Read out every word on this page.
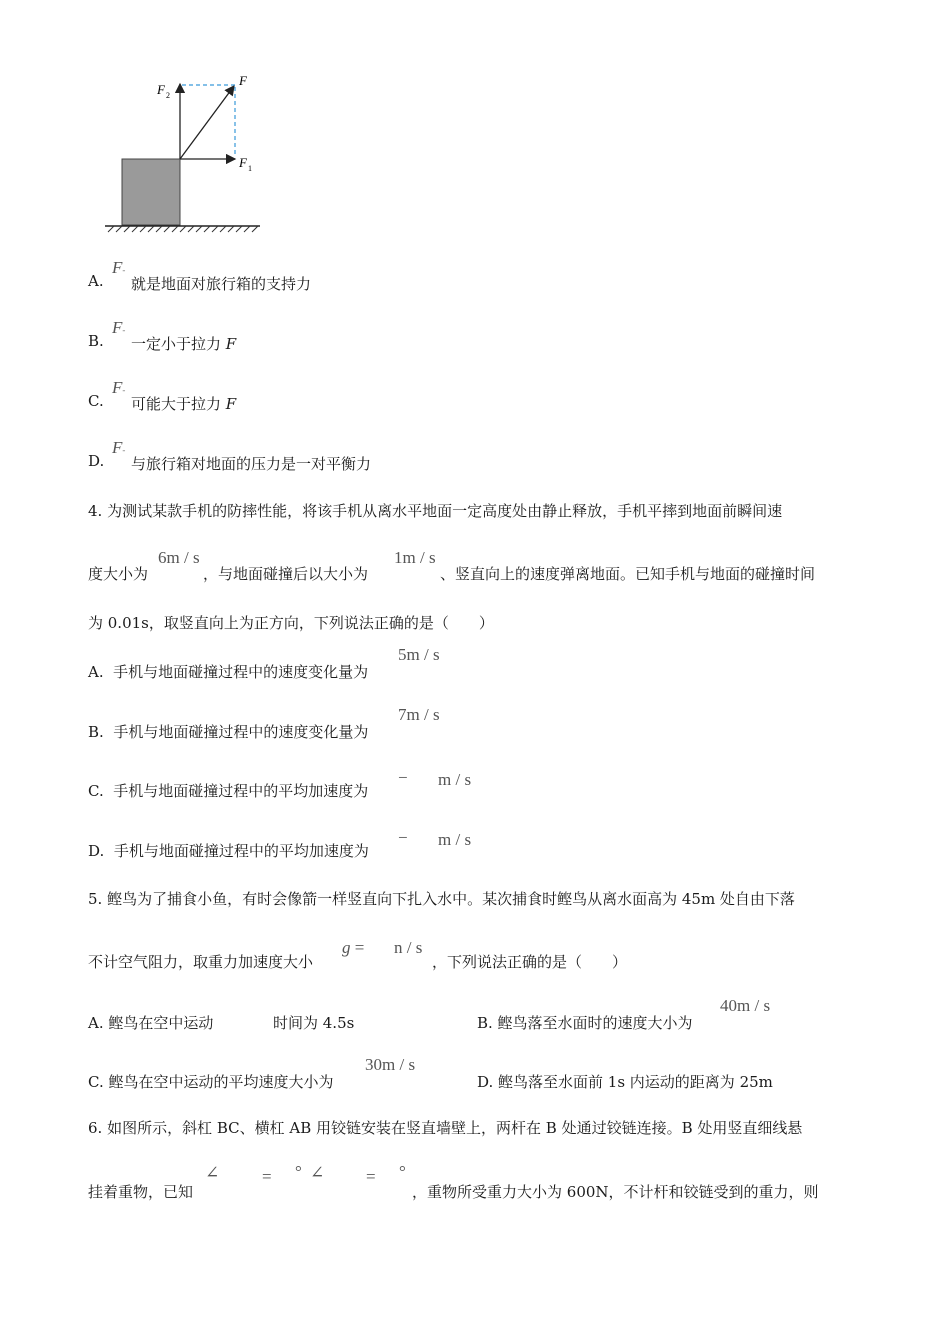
F 2
F
F 1
A.
F-
就是地面对旅行箱的支持力
B.
F-
一定小于拉力 F
C.
F-
可能大于拉力 F
D.
F-
与旅行箱对地面的压力是一对平衡力
4. 为测试某款手机的防摔性能，将该手机从离水平地面一定高度处由静止释放，手机平摔到地面前瞬间速
度大小为
6m / s
，与地面碰撞后以大小为
1m / s
、竖直向上的速度弹离地面。已知手机与地面的碰撞时间
为 0.01s，取竖直向上为正方向，下列说法正确的是（　　）
A. 手机与地面碰撞过程中的速度变化量为
5m / s
B. 手机与地面碰撞过程中的速度变化量为
7m / s
C. 手机与地面碰撞过程中的平均加速度为
− m / s
D. 手机与地面碰撞过程中的平均加速度为
− m / s
5. 鲣鸟为了捕食小鱼，有时会像箭一样竖直向下扎入水中。某次捕食时鲣鸟从离水面高为 45m 处自由下落
不计空气阻力，取重力加速度大小
g = n / s
，下列说法正确的是（　　）
A. 鲣鸟在空中运动	时间为 4.5s	B. 鲣鸟落至水面时的速度大小为
40m / s
C. 鲣鸟在空中运动的平均速度大小为
30m / s
D. 鲣鸟落至水面前 1s 内运动的距离为 25m
6. 如图所示，斜杠 BC、横杠 AB 用铰链安装在竖直墙壁上，两杆在 B 处通过铰链连接。B 处用竖直细线悬
挂着重物，已知
∠	= ° ∠ = °
，重物所受重力大小为 600N，不计杆和铰链受到的重力，则
